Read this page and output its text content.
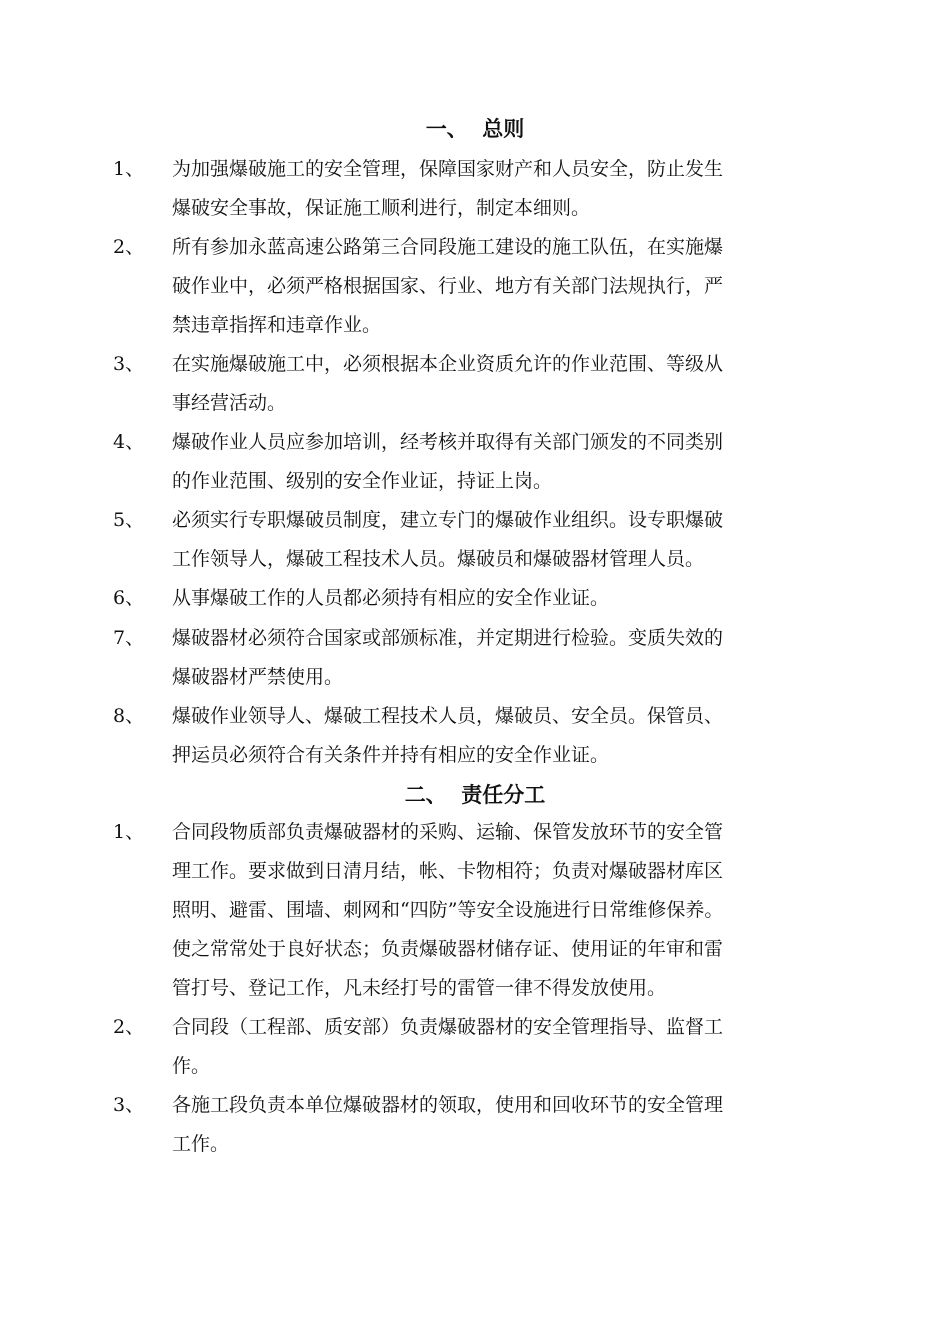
一、  总则
1、	为加强爆破施工的安全管理，保障国家财产和人员安全，防止发生
爆破安全事故，保证施工顺利进行，制定本细则。
2、	所有参加永蓝高速公路第三合同段施工建设的施工队伍，在实施爆
破作业中，必须严格根据国家、行业、地方有关部门法规执行，严
禁违章指挥和违章作业。
3、	在实施爆破施工中，必须根据本企业资质允许的作业范围、等级从
事经营活动。
4、	爆破作业人员应参加培训，经考核并取得有关部门颁发的不同类别
的作业范围、级别的安全作业证，持证上岗。
5、	必须实行专职爆破员制度，建立专门的爆破作业组织。设专职爆破
工作领导人，爆破工程技术人员。爆破员和爆破器材管理人员。
6、	从事爆破工作的人员都必须持有相应的安全作业证。
7、	爆破器材必须符合国家或部颁标准，并定期进行检验。变质失效的
爆破器材严禁使用。
8、	爆破作业领导人、爆破工程技术人员，爆破员、安全员。保管员、
押运员必须符合有关条件并持有相应的安全作业证。
二、  责任分工
1、	合同段物质部负责爆破器材的采购、运输、保管发放环节的安全管
理工作。要求做到日清月结，帐、卡物相符；负责对爆破器材库区
照明、避雷、围墙、刺网和“四防”等安全设施进行日常维修保养。
使之常常处于良好状态；负责爆破器材储存证、使用证的年审和雷
管打号、登记工作，凡未经打号的雷管一律不得发放使用。
2、	合同段（工程部、质安部）负责爆破器材的安全管理指导、监督工
作。
3、	各施工段负责本单位爆破器材的领取，使用和回收环节的安全管理
工作。
